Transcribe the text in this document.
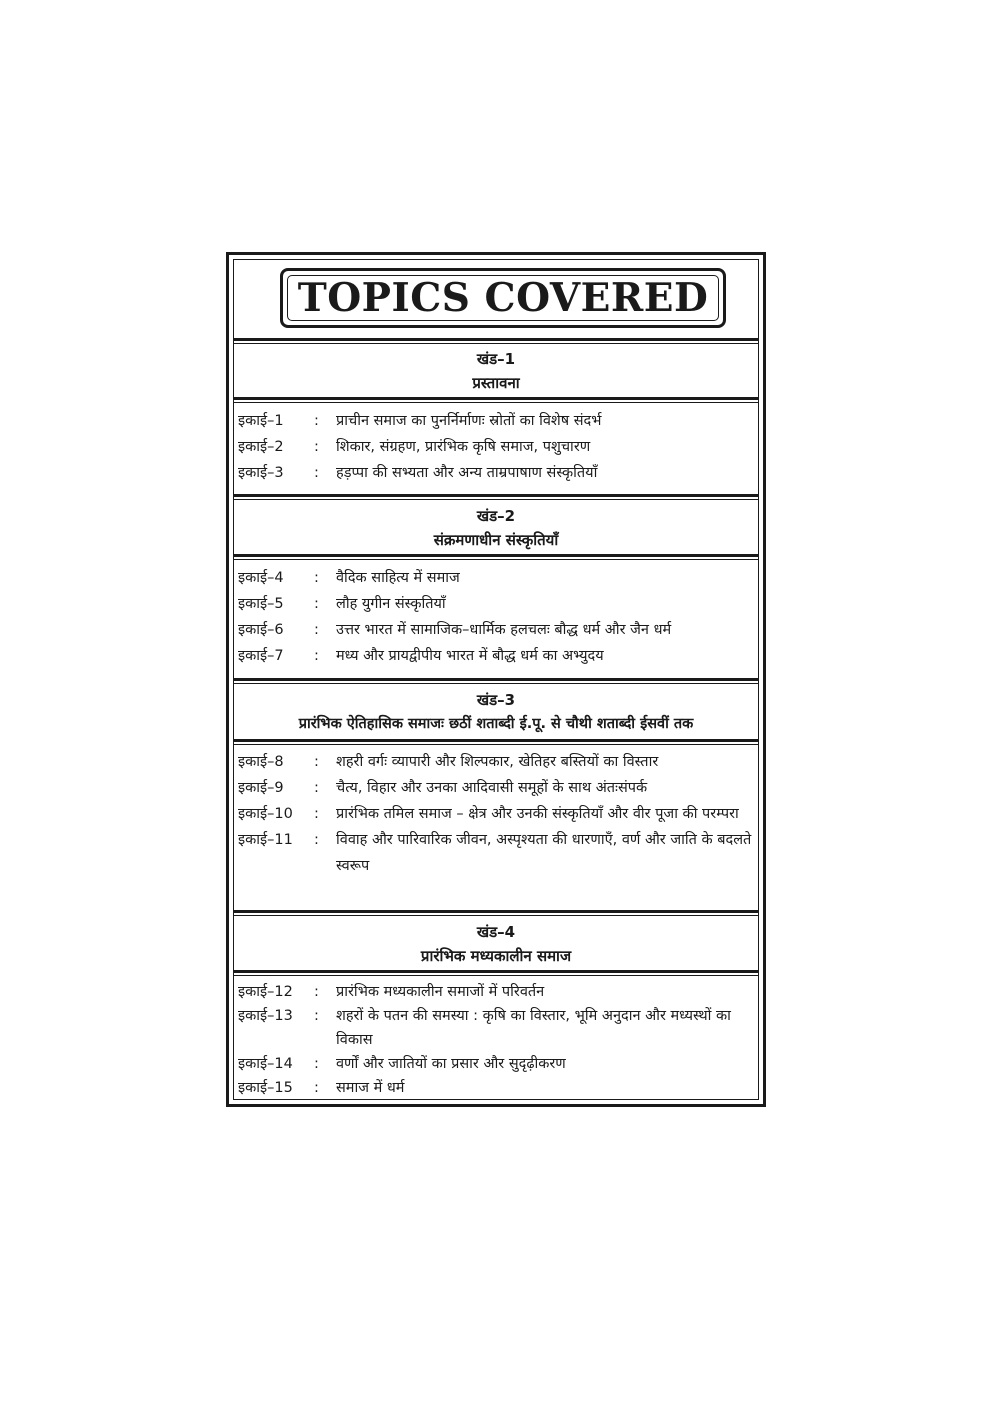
TOPICS COVERED
खंड–1
प्रस्तावना
इकाई–1	:	प्राचीन समाज का पुनर्निर्माणः स्रोतों का विशेष संदर्भ
इकाई–2	:	शिकार, संग्रहण, प्रारंभिक कृषि समाज, पशुचारण
इकाई–3	:	हड़प्पा की सभ्यता और अन्य ताम्रपाषाण संस्कृतियाँ
खंड–2
संक्रमणाधीन संस्कृतियाँ
इकाई–4	:	वैदिक साहित्य में समाज
इकाई–5	:	लौह युगीन संस्कृतियाँ
इकाई–6	:	उत्तर भारत में सामाजिक–धार्मिक हलचलः बौद्ध धर्म और जैन धर्म
इकाई–7	:	मध्य और प्रायद्वीपीय भारत में बौद्ध धर्म का अभ्युदय
खंड–3
प्रारंभिक ऐतिहासिक समाजः छठीं शताब्दी ई.पू. से चौथी शताब्दी ईसवीं तक
इकाई–8	:	शहरी वर्गः व्यापारी और शिल्पकार, खेतिहर बस्तियों का विस्तार
इकाई–9	:	चैत्य, विहार और उनका आदिवासी समूहों के साथ अंतःसंपर्क
इकाई–10	:	प्रारंभिक तमिल समाज – क्षेत्र और उनकी संस्कृतियाँ और वीर पूजा की परम्परा
इकाई–11	:	विवाह और पारिवारिक जीवन, अस्पृश्यता की धारणाएँ, वर्ण और जाति के बदलते स्वरूप
खंड–4
प्रारंभिक मध्यकालीन समाज
इकाई–12	:	प्रारंभिक मध्यकालीन समाजों में परिवर्तन
इकाई–13	:	शहरों के पतन की समस्या : कृषि का विस्तार, भूमि अनुदान और मध्यस्थों का विकास
इकाई–14	:	वर्णों और जातियों का प्रसार और सुदृढ़ीकरण
इकाई–15	:	समाज में धर्म
